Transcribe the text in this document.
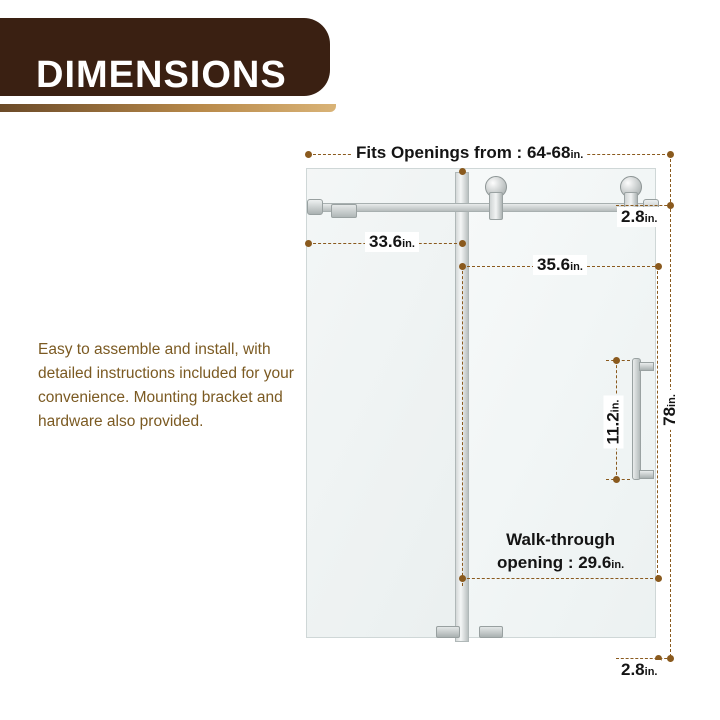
DIMENSIONS
Easy to assemble and install, with detailed instructions included for your convenience. Mounting bracket and hardware also provided.
Fits Openings from : 64-68in.
33.6in.
35.6in.
2.8in.
2.8in.
78in.
11.2in.
Walk-through
opening : 29.6in.
